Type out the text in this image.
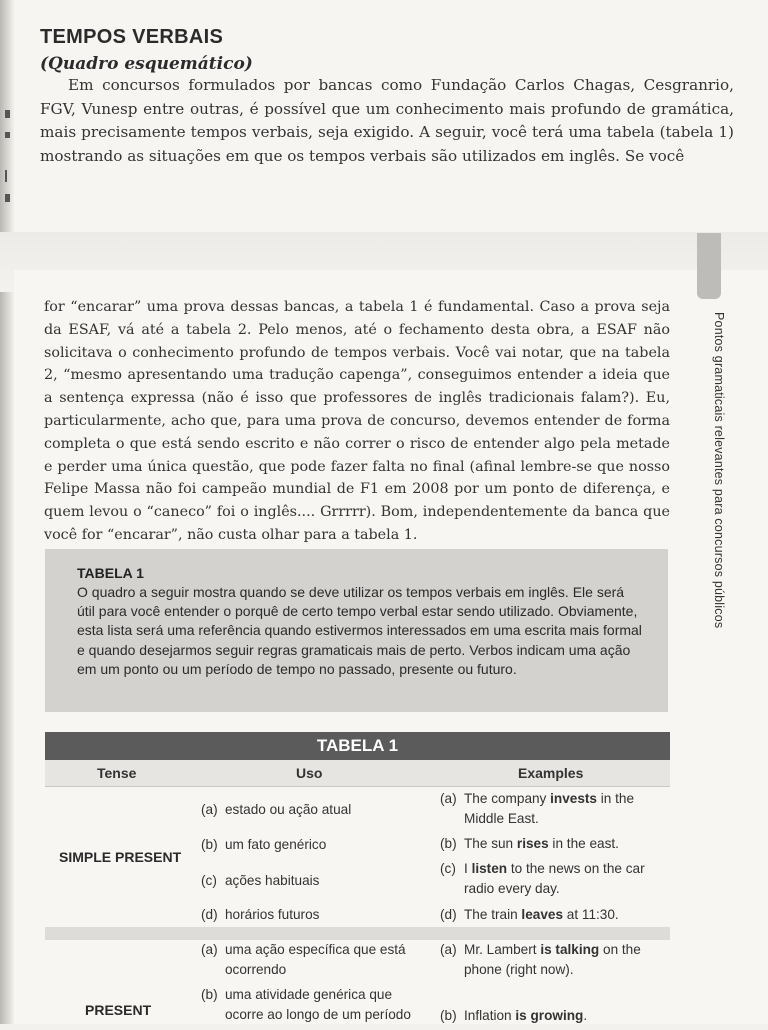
TEMPOS VERBAIS
(Quadro esquemático)
Em concursos formulados por bancas como Fundação Carlos Chagas, Cesgranrio, FGV, Vunesp entre outras, é possível que um conhecimento mais profundo de gramática, mais precisamente tempos verbais, seja exigido. A seguir, você terá uma tabela (tabela 1) mostrando as situações em que os tempos verbais são utilizados em inglês. Se você
Pontos gramaticais relevantes para concursos públicos
for “encarar” uma prova dessas bancas, a tabela 1 é fundamental. Caso a prova seja da ESAF, vá até a tabela 2. Pelo menos, até o fechamento desta obra, a ESAF não solicitava o conhecimento profundo de tempos verbais. Você vai notar, que na tabela 2, “mesmo apresentando uma tradução capenga”, conseguimos entender a ideia que a sentença expressa (não é isso que professores de inglês tradicionais falam?). Eu, particularmente, acho que, para uma prova de concurso, devemos entender de forma completa o que está sendo escrito e não correr o risco de entender algo pela metade e perder uma única questão, que pode fazer falta no final (afinal lembre-se que nosso Felipe Massa não foi campeão mundial de F1 em 2008 por um ponto de diferença, e quem levou o “caneco” foi o inglês.... Grrrrr). Bom, independentemente da banca que você for “encarar”, não custa olhar para a tabela 1.
TABELA 1
O quadro a seguir mostra quando se deve utilizar os tempos verbais em inglês. Ele será útil para você entender o porquê de certo tempo verbal estar sendo utilizado. Obviamente, esta lista será uma referência quando estivermos interessados em uma escrita mais formal e quando desejarmos seguir regras gramaticais mais de perto. Verbos indicam uma ação em um ponto ou um período de tempo no passado, presente ou futuro.
TABELA 1
Tense	Uso	Examples
SIMPLE PRESENT
(a) estado ou ação atual
(b) um fato genérico
(c) ações habituais
(d) horários futuros
(a) The company invests in the Middle East.
(b) The sun rises in the east.
(c) I listen to the news on the car radio every day.
(d) The train leaves at 11:30.
PRESENT
(a) uma ação específica que está ocorrendo
(b) uma atividade genérica que ocorre ao longo de um período
(a) Mr. Lambert is talking on the phone (right now).
(b) Inflation is growing.
